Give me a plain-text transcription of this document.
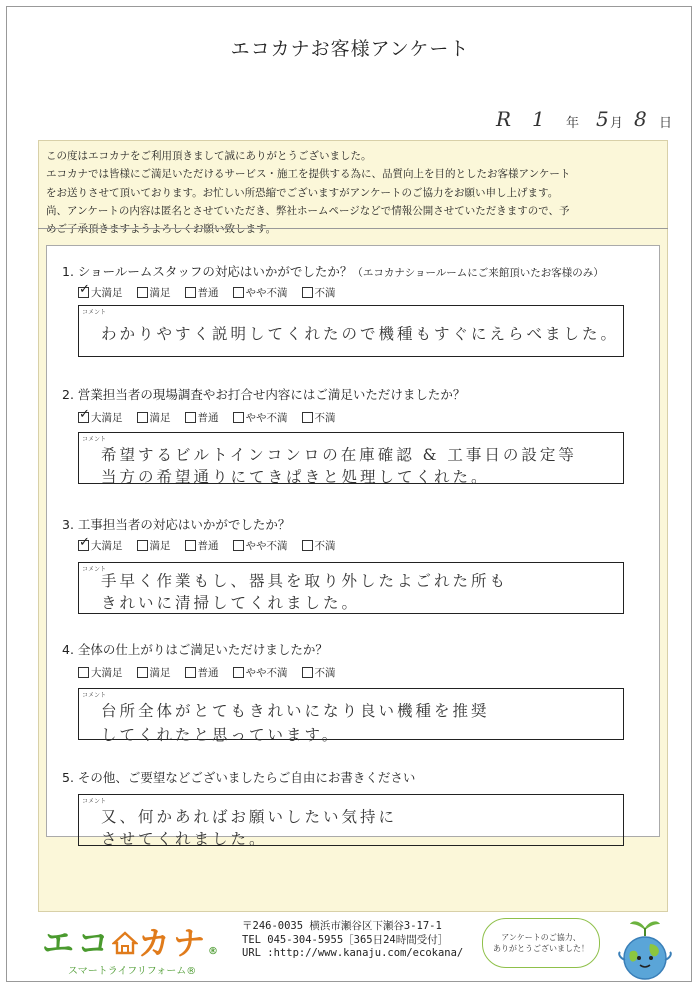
エコカナお客様アンケート
R 1 年 5 月 8 日

この度はエコカナをご利用頂きまして誠にありがとうございました。

エコカナでは皆様にご満足いただけるサービス・施工を提供する為に、品質向上を目的としたお客様アンケート

をお送りさせて頂いております。お忙しい所恐縮でございますがアンケートのご協力をお願い申し上げます。

尚、アンケートの内容は匿名とさせていただき、弊社ホームページなどで情報公開させていただきますので、予

めご了承頂きますようよろしくお願い致します。

1. ショールームスタッフの対応はいかがでしたか？（エコカナショールームにご来館頂いたお客様のみ）
✓
大満足	満足	普通	やや不満	不満
コメント
わかりやすく説明してくれたので機種もすぐにえらべました。
2. 営業担当者の現場調査やお打合せ内容にはご満足いただけましたか？
✓
大満足	満足	普通	やや不満	不満
コメント
希望するビルトインコンロの在庫確認 & 工事日の設定等
当方の希望通りにてきぱきと処理してくれた。
3. 工事担当者の対応はいかがでしたか？
✓
大満足	満足	普通	やや不満	不満
コメント
手早く作業もし、器具を取り外したよごれた所も
きれいに清掃してくれました。
4. 全体の仕上がりはご満足いただけましたか？
大満足	満足	普通	やや不満	不満
コメント
台所全体がとてもきれいになり良い機種を推奨
してくれたと思っています。
5. その他、ご要望などございましたらご自由にお書きください
コメント
又、何かあればお願いしたい気持に
させてくれました。
エコ カナ®
スマートライフリフォーム®
〒246-0035 横浜市瀬谷区下瀬谷3-17-1
TEL 045-304-5955［365日24時間受付］
URL :http://www.kanaju.com/ecokana/
アンケートのご協力、
ありがとうございました！
